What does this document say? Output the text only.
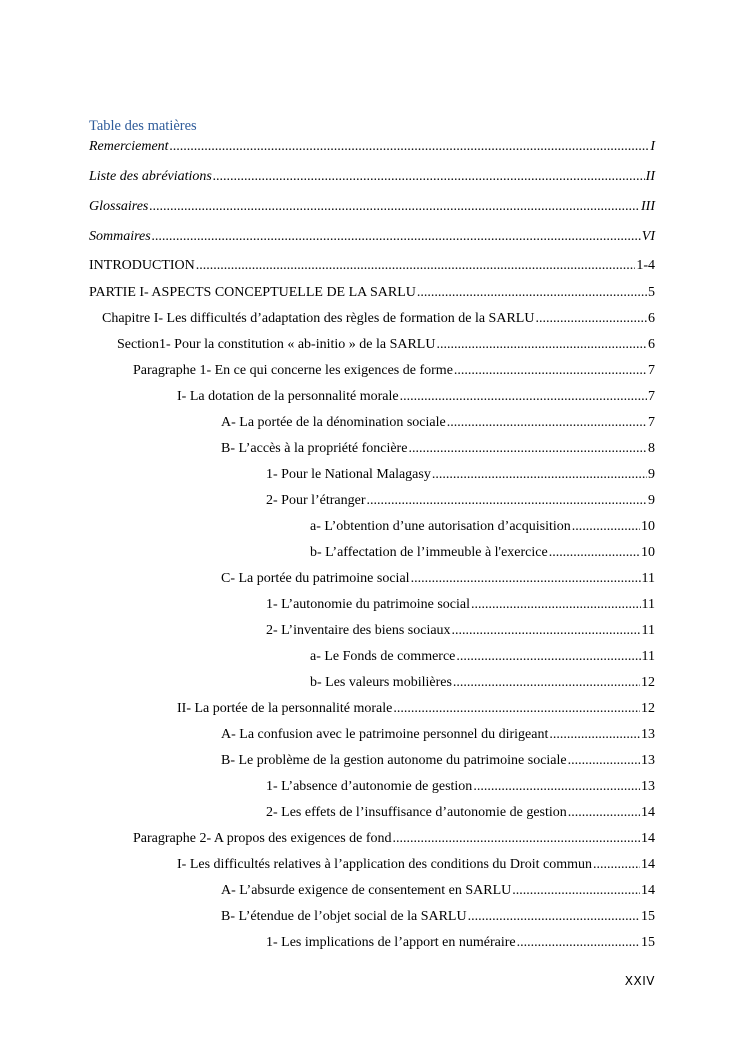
Table des matières
Remerciement .....	I
Liste des abréviations .....	II
Glossaires .....	III
Sommaires .....	VI
INTRODUCTION .....	1-4
PARTIE I- ASPECTS CONCEPTUELLE DE LA SARLU .....	5
Chapitre I- Les difficultés d’adaptation des règles de formation de la SARLU .....	6
Section1- Pour la constitution « ab-initio » de la SARLU .....	6
Paragraphe 1- En ce qui concerne les exigences de forme .....	7
I- La dotation de la personnalité morale .....	7
A- La portée de la dénomination sociale .....	7
B- L’accès à la propriété foncière .....	8
1- Pour le National Malagasy .....	9
2- Pour l’étranger .....	9
a- L’obtention d’une autorisation d’acquisition .....	10
b- L’affectation de l’immeuble à l'exercice .....	10
C- La portée du patrimoine social .....	11
1- L’autonomie du patrimoine social .....	11
2- L’inventaire des biens sociaux .....	11
a- Le Fonds de commerce .....	11
b- Les valeurs mobilières .....	12
II- La portée de la personnalité morale .....	12
A- La confusion avec le patrimoine personnel du dirigeant .....	13
B- Le problème de la gestion autonome du patrimoine sociale .....	13
1- L’absence d’autonomie de gestion .....	13
2- Les effets de l’insuffisance d’autonomie de gestion .....	14
Paragraphe 2- A propos des exigences de fond .....	14
I- Les difficultés relatives à l’application des conditions du Droit commun .....	14
A- L’absurde exigence de consentement en SARLU .....	14
B- L’étendue de l’objet social de la SARLU .....	15
1- Les implications de l’apport en numéraire .....	15
XXIV
